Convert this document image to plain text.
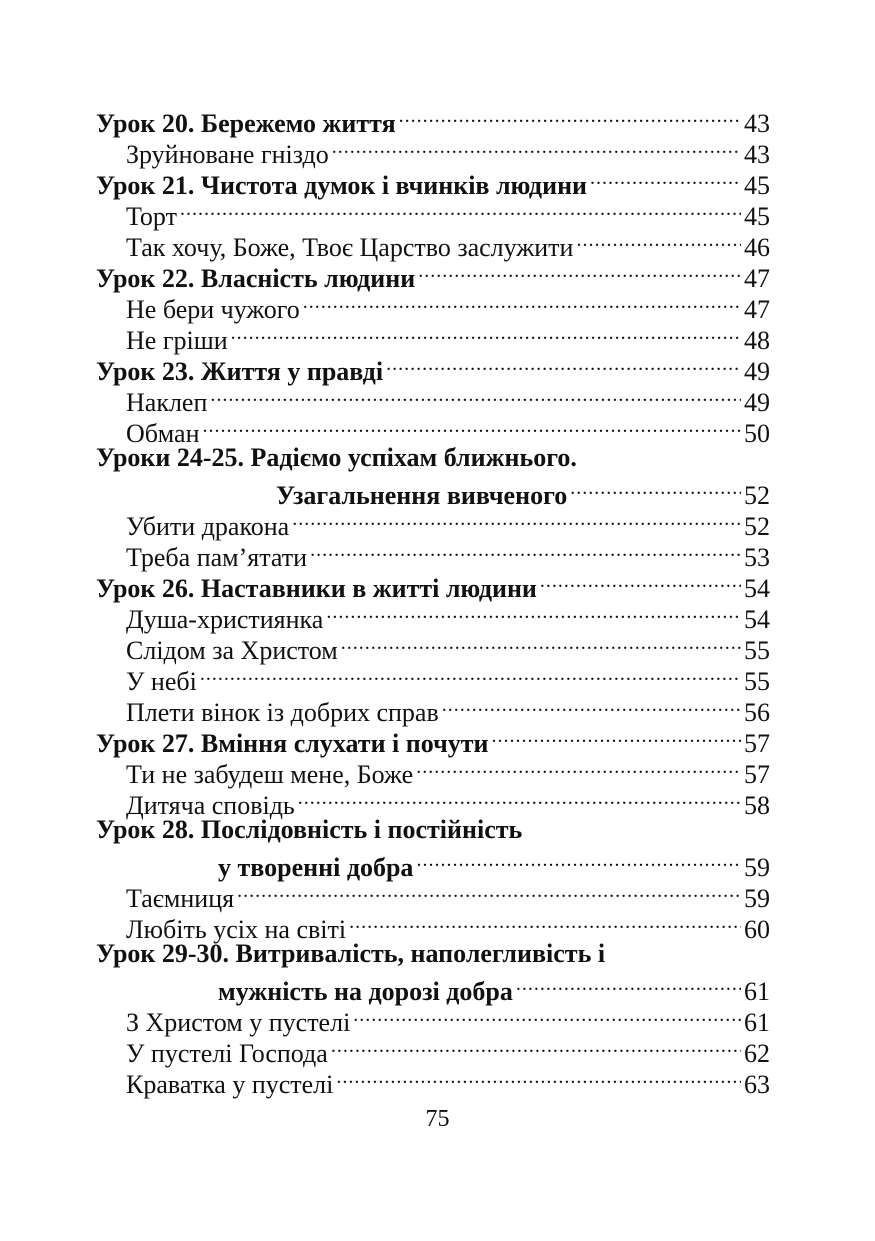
Урок 20. Бережемо життя .....	43
Зруйноване гніздо .....	43
Урок 21. Чистота думок і вчинків людини .....	45
Торт .....	45
Так хочу, Боже, Твоє Царство заслужити .....	46
Урок 22. Власність людини .....	47
Не бери чужого .....	47
Не гріши .....	48
Урок 23. Життя у правді .....	49
Наклеп .....	49
Обман .....	50
Уроки 24-25. Радіємо успіхам ближнього.
Узагальнення вивченого .....	52
Убити дракона .....	52
Треба пам’ятати .....	53
Урок 26. Наставники в житті людини .....	54
Душа-християнка .....	54
Слідом за Христом .....	55
У небі .....	55
Плети вінок із добрих справ .....	56
Урок 27. Вміння слухати і почути .....	57
Ти не забудеш мене, Боже .....	57
Дитяча сповідь .....	58
Урок 28. Послідовність і постійність
у творенні добра .....	59
Таємниця .....	59
Любіть усіх на світі .....	60
Урок 29-30. Витривалість, наполегливість і
мужність на дорозі добра .....	61
З Христом у пустелі .....	61
У пустелі Господа .....	62
Краватка у пустелі .....	63
75
